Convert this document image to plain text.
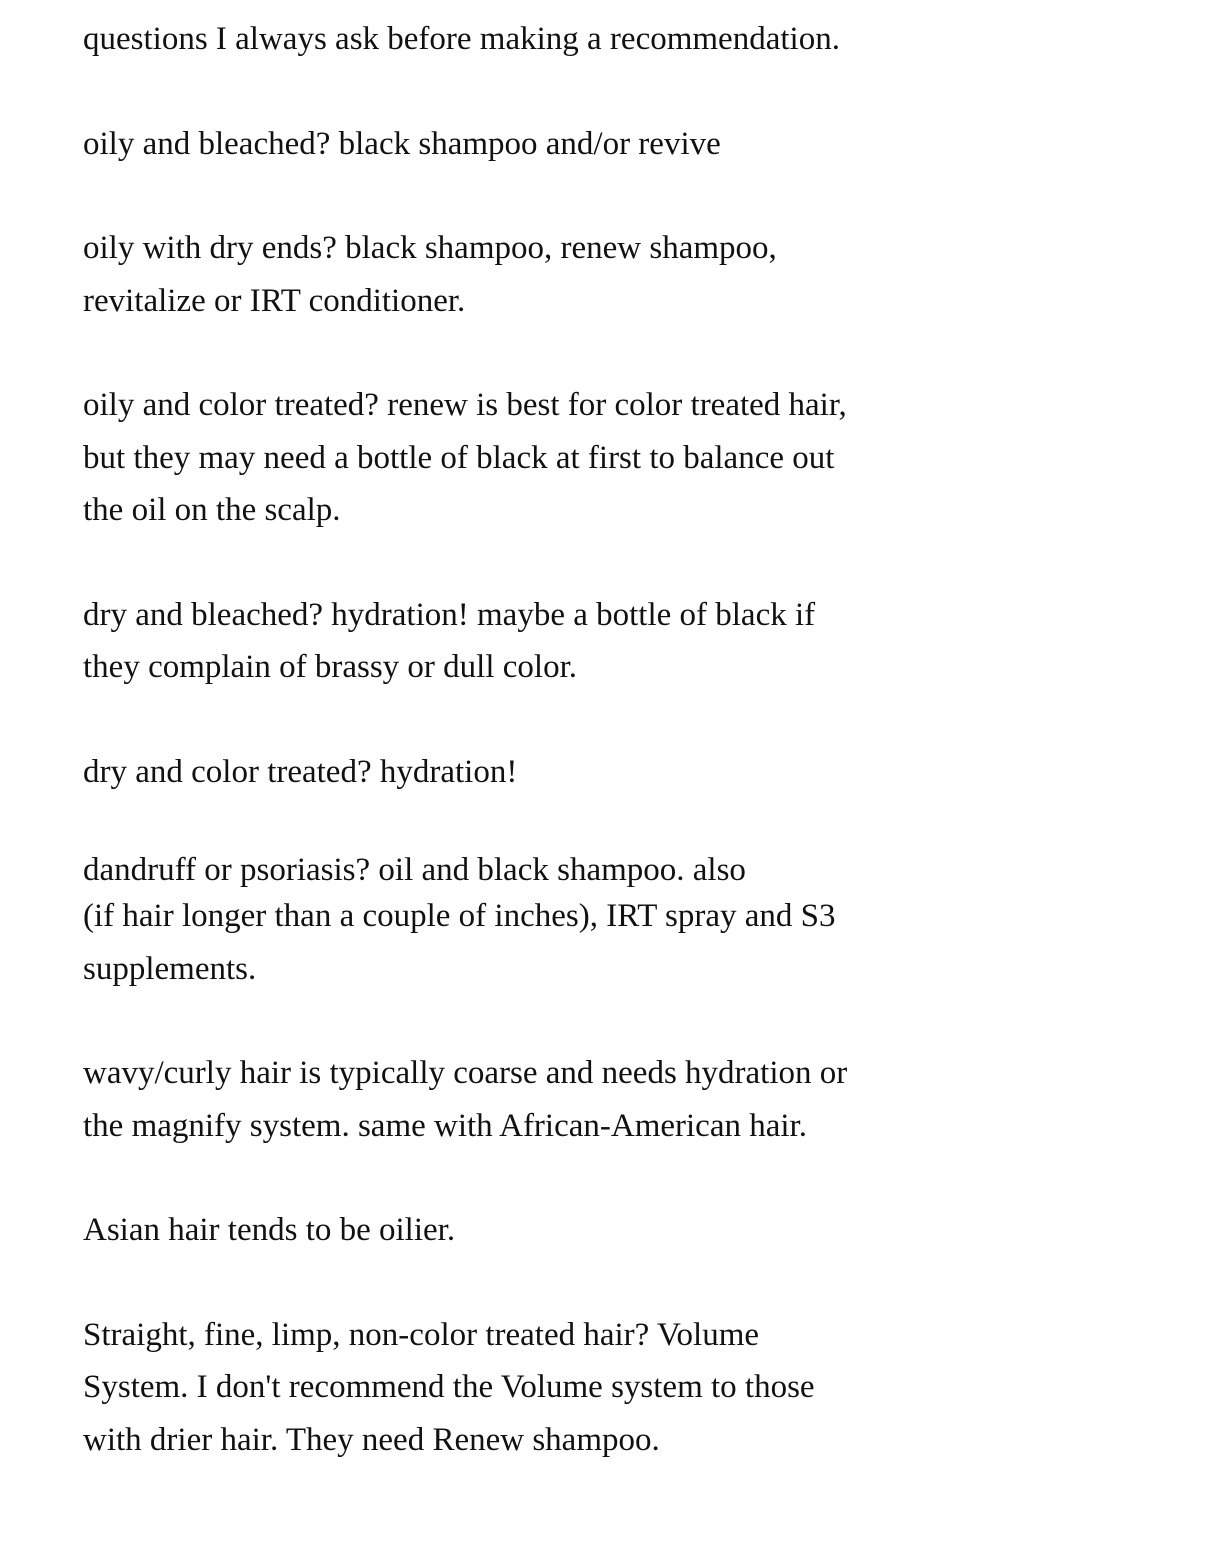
questions I always ask before making a recommendation.

oily and bleached? black shampoo and/or revive

oily with dry ends? black shampoo, renew shampoo, revitalize or IRT conditioner.

oily and color treated? renew is best for color treated hair, but they may need a bottle of black at first to balance out the oil on the scalp.

dry and bleached? hydration! maybe a bottle of black if they complain of brassy or dull color.

dry and color treated? hydration!

dandruff or psoriasis? oil and black shampoo. also
(if hair longer than a couple of inches), IRT spray and S3 supplements.

wavy/curly hair is typically coarse and needs hydration or the magnify system. same with African-American hair.

Asian hair tends to be oilier.

Straight, fine, limp, non-color treated hair? Volume System. I don't recommend the Volume system to those with drier hair. They need Renew shampoo.
